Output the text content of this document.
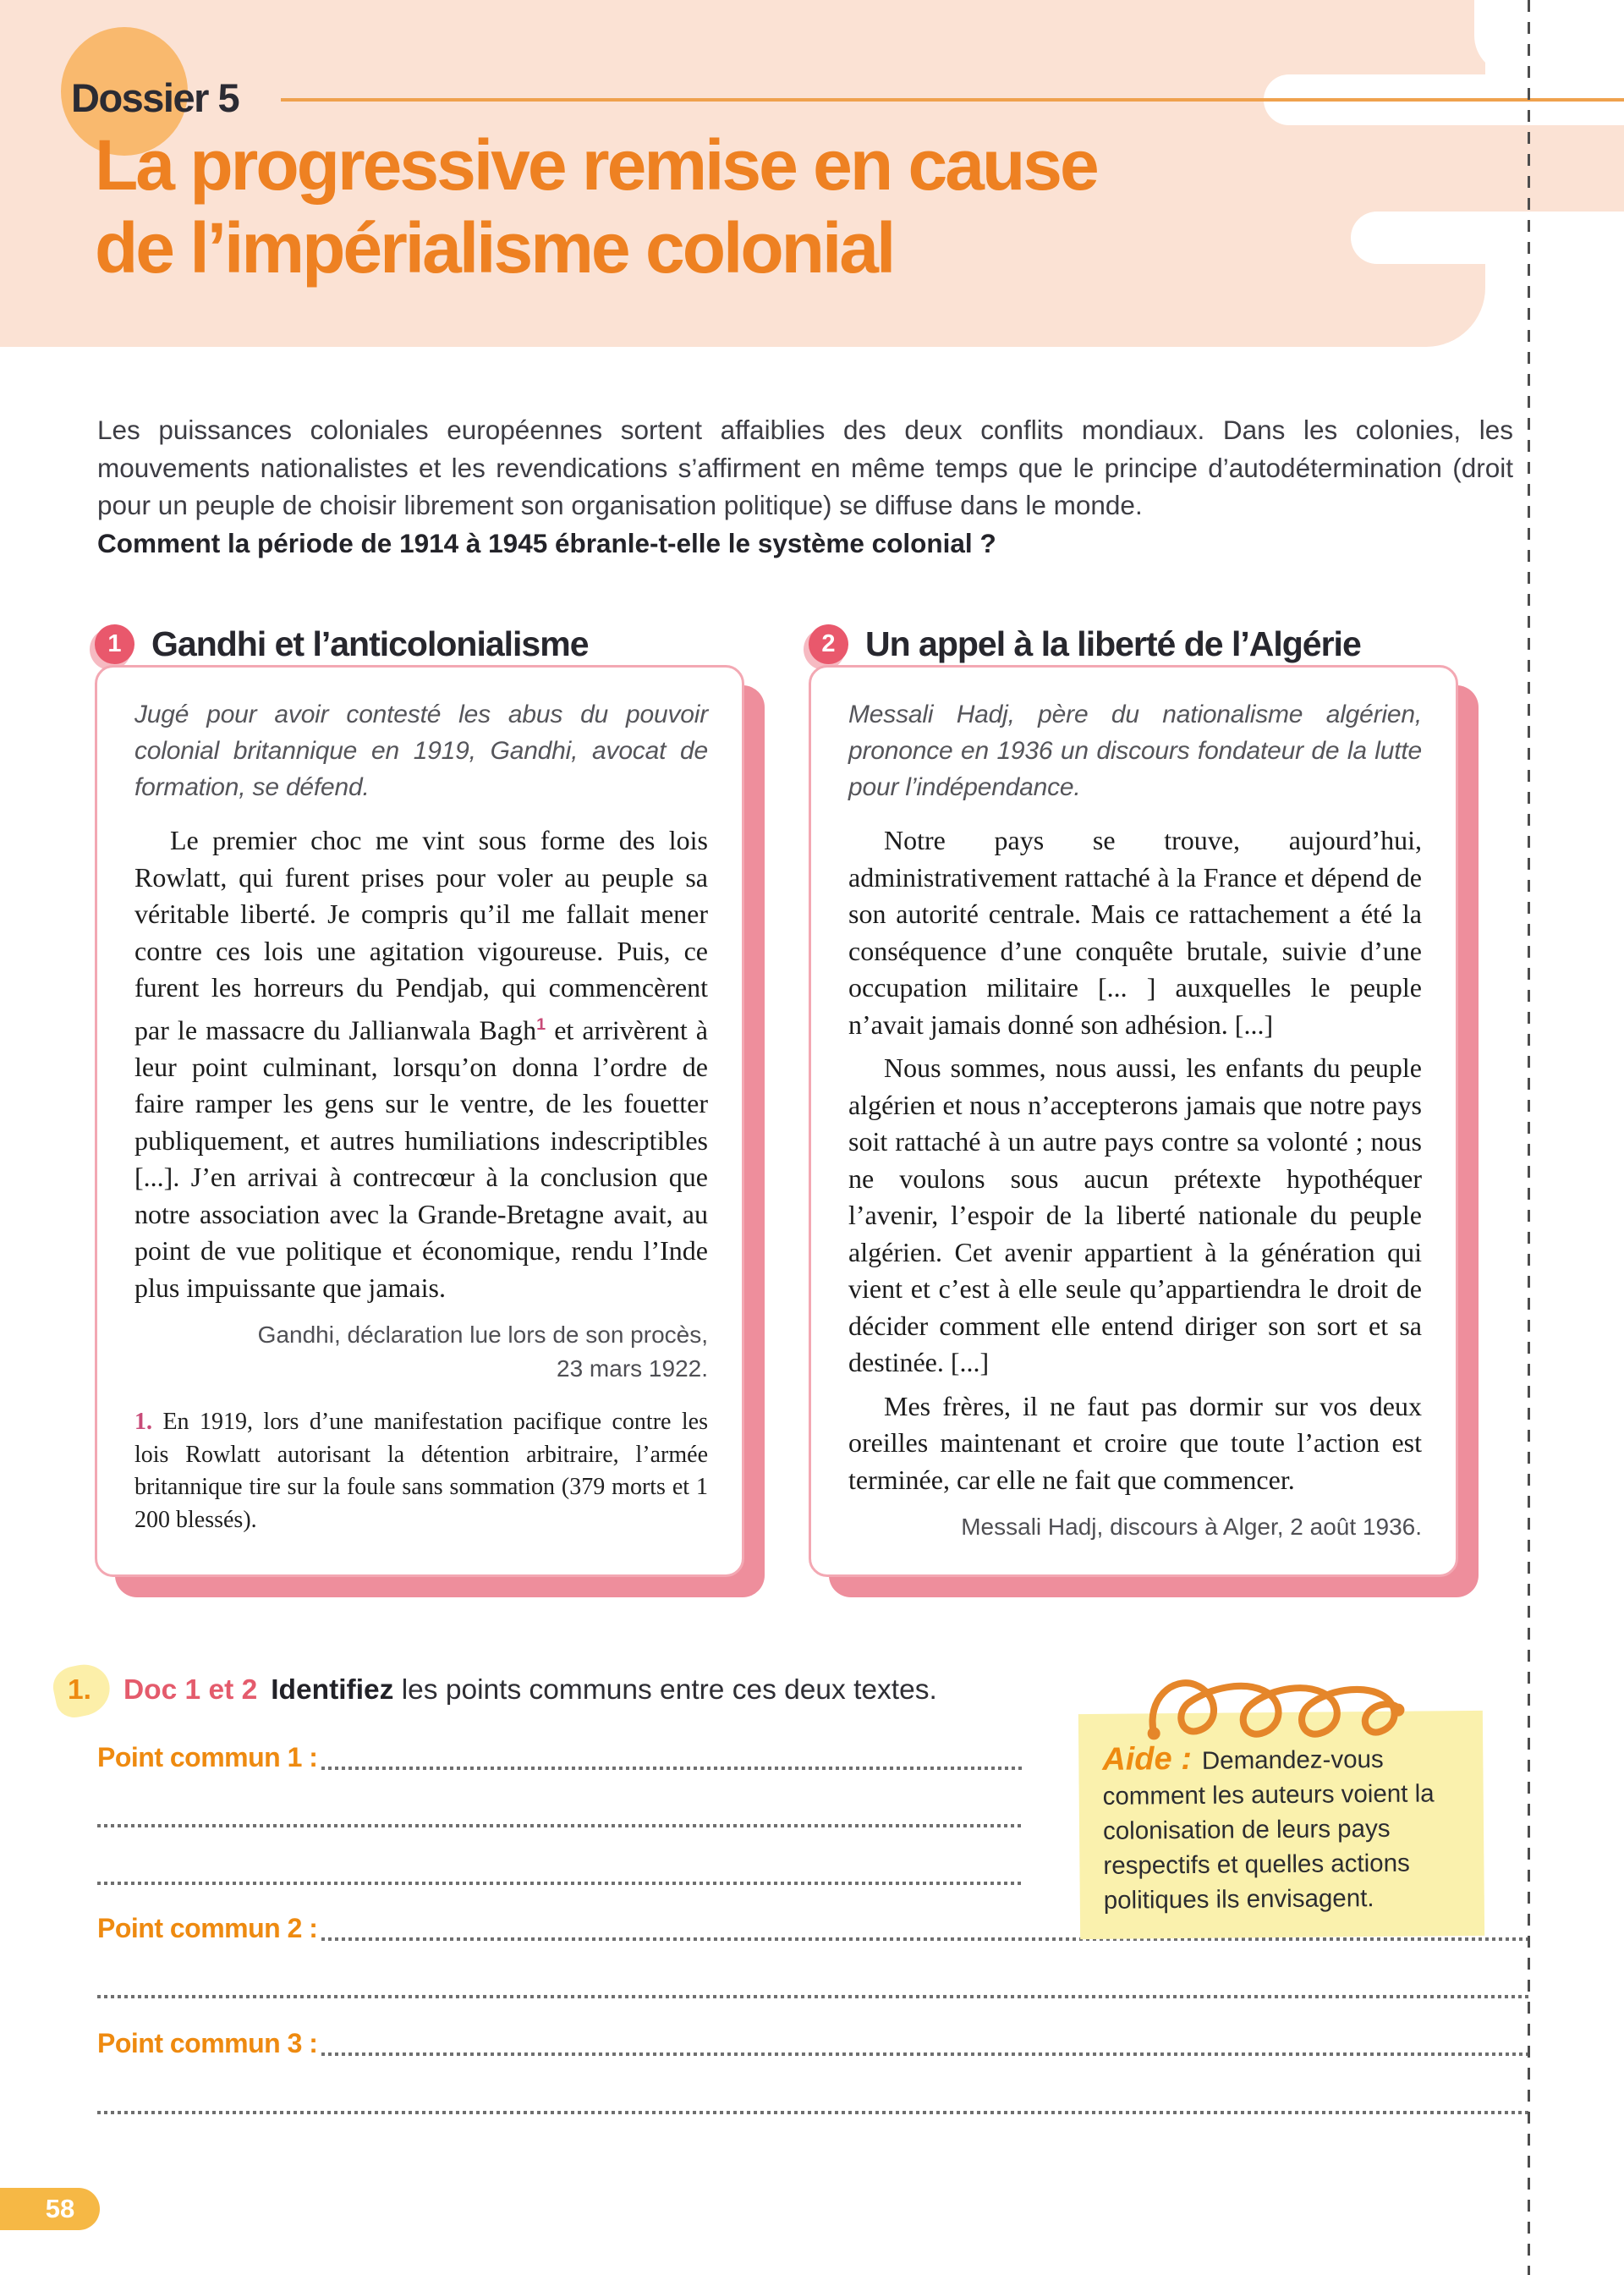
Dossier 5
La progressive remise en cause
de l’impérialisme colonial
Les puissances coloniales européennes sortent affaiblies des deux conflits mondiaux. Dans les colonies, les mouvements nationalistes et les revendications s’affirment en même temps que le principe d’autodétermination (droit pour un peuple de choisir librement son organisation politique) se diffuse dans le monde.
Comment la période de 1914 à 1945 ébranle-t-elle le système colonial ?
1 Gandhi et l’anticolonialisme
Jugé pour avoir contesté les abus du pouvoir colonial britannique en 1919, Gandhi, avocat de formation, se défend.

Le premier choc me vint sous forme des lois Rowlatt, qui furent prises pour voler au peuple sa véritable liberté. Je compris qu’il me fallait mener contre ces lois une agitation vigoureuse. Puis, ce furent les horreurs du Pendjab, qui commencèrent par le massacre du Jallianwala Bagh$^1$ et arrivèrent à leur point culminant, lorsqu’on donna l’ordre de faire ramper les gens sur le ventre, de les fouetter publiquement, et autres humiliations indescriptibles [...]. J’en arrivai à contrecœur à la conclusion que notre association avec la Grande-Bretagne avait, au point de vue politique et économique, rendu l’Inde plus impuissante que jamais.

Gandhi, déclaration lue lors de son procès,
23 mars 1922.
1. En 1919, lors d’une manifestation pacifique contre les lois Rowlatt autorisant la détention arbitraire, l’armée britannique tire sur la foule sans sommation (379 morts et 1 200 blessés).
2 Un appel à la liberté de l’Algérie
Messali Hadj, père du nationalisme algérien, prononce en 1936 un discours fondateur de la lutte pour l’indépendance.

Notre pays se trouve, aujourd’hui, administrativement rattaché à la France et dépend de son autorité centrale. Mais ce rattachement a été la conséquence d’une conquête brutale, suivie d’une occupation militaire [... ] auxquelles le peuple n’avait jamais donné son adhésion. [...]

Nous sommes, nous aussi, les enfants du peuple algérien et nous n’accepterons jamais que notre pays soit rattaché à un autre pays contre sa volonté ; nous ne voulons sous aucun prétexte hypothéquer l’avenir, l’espoir de la liberté nationale du peuple algérien. Cet avenir appartient à la génération qui vient et c’est à elle seule qu’appartiendra le droit de décider comment elle entend diriger son sort et sa destinée. [...]

Mes frères, il ne faut pas dormir sur vos deux oreilles maintenant et croire que toute l’action est terminée, car elle ne fait que commencer.

Messali Hadj, discours à Alger, 2 août 1936.
1. Doc 1 et 2 Identifiez les points communs entre ces deux textes.
Point commun 1 :
Point commun 2 :
Point commun 3 :
Aide : Demandez-vous comment les auteurs voient la colonisation de leurs pays respectifs et quelles actions politiques ils envisagent.
58
